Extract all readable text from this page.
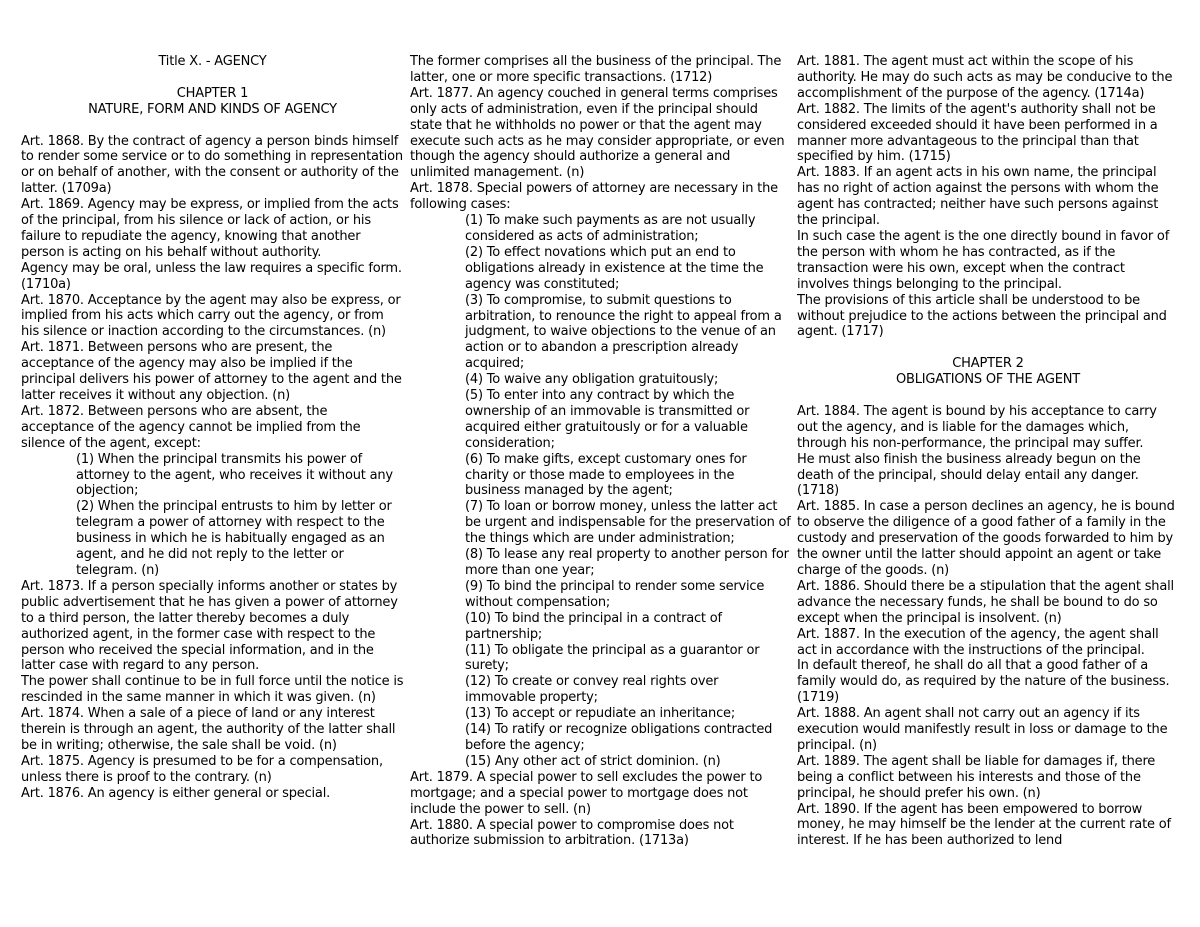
Title X. - AGENCY
CHAPTER 1
NATURE, FORM AND KINDS OF AGENCY
Art. 1868. By the contract of agency a person binds himself to render some service or to do something in representation or on behalf of another, with the consent or authority of the latter. (1709a)
Art. 1869. Agency may be express, or implied from the acts of the principal, from his silence or lack of action, or his failure to repudiate the agency, knowing that another person is acting on his behalf without authority.
Agency may be oral, unless the law requires a specific form. (1710a)
Art. 1870. Acceptance by the agent may also be express, or implied from his acts which carry out the agency, or from his silence or inaction according to the circumstances. (n)
Art. 1871. Between persons who are present, the acceptance of the agency may also be implied if the principal delivers his power of attorney to the agent and the latter receives it without any objection. (n)
Art. 1872. Between persons who are absent, the acceptance of the agency cannot be implied from the silence of the agent, except:
(1) When the principal transmits his power of attorney to the agent, who receives it without any objection;
(2) When the principal entrusts to him by letter or telegram a power of attorney with respect to the business in which he is habitually engaged as an agent, and he did not reply to the letter or telegram. (n)
Art. 1873. If a person specially informs another or states by public advertisement that he has given a power of attorney to a third person, the latter thereby becomes a duly authorized agent, in the former case with respect to the person who received the special information, and in the latter case with regard to any person.
The power shall continue to be in full force until the notice is rescinded in the same manner in which it was given. (n)
Art. 1874. When a sale of a piece of land or any interest therein is through an agent, the authority of the latter shall be in writing; otherwise, the sale shall be void. (n)
Art. 1875. Agency is presumed to be for a compensation, unless there is proof to the contrary. (n)
Art. 1876. An agency is either general or special.
The former comprises all the business of the principal. The latter, one or more specific transactions. (1712)
Art. 1877. An agency couched in general terms comprises only acts of administration, even if the principal should state that he withholds no power or that the agent may execute such acts as he may consider appropriate, or even though the agency should authorize a general and unlimited management. (n)
Art. 1878. Special powers of attorney are necessary in the following cases:
(1) To make such payments as are not usually considered as acts of administration;
(2) To effect novations which put an end to obligations already in existence at the time the agency was constituted;
(3) To compromise, to submit questions to arbitration, to renounce the right to appeal from a judgment, to waive objections to the venue of an action or to abandon a prescription already acquired;
(4) To waive any obligation gratuitously;
(5) To enter into any contract by which the ownership of an immovable is transmitted or acquired either gratuitously or for a valuable consideration;
(6) To make gifts, except customary ones for charity or those made to employees in the business managed by the agent;
(7) To loan or borrow money, unless the latter act be urgent and indispensable for the preservation of the things which are under administration;
(8) To lease any real property to another person for more than one year;
(9) To bind the principal to render some service without compensation;
(10) To bind the principal in a contract of partnership;
(11) To obligate the principal as a guarantor or surety;
(12) To create or convey real rights over immovable property;
(13) To accept or repudiate an inheritance;
(14) To ratify or recognize obligations contracted before the agency;
(15) Any other act of strict dominion. (n)
Art. 1879. A special power to sell excludes the power to mortgage; and a special power to mortgage does not include the power to sell. (n)
Art. 1880. A special power to compromise does not authorize submission to arbitration. (1713a)
Art. 1881. The agent must act within the scope of his authority. He may do such acts as may be conducive to the accomplishment of the purpose of the agency. (1714a)
Art. 1882. The limits of the agent's authority shall not be considered exceeded should it have been performed in a manner more advantageous to the principal than that specified by him. (1715)
Art. 1883. If an agent acts in his own name, the principal has no right of action against the persons with whom the agent has contracted; neither have such persons against the principal.
In such case the agent is the one directly bound in favor of the person with whom he has contracted, as if the transaction were his own, except when the contract involves things belonging to the principal.
The provisions of this article shall be understood to be without prejudice to the actions between the principal and agent. (1717)
CHAPTER 2
OBLIGATIONS OF THE AGENT
Art. 1884. The agent is bound by his acceptance to carry out the agency, and is liable for the damages which, through his non-performance, the principal may suffer.
He must also finish the business already begun on the death of the principal, should delay entail any danger. (1718)
Art. 1885. In case a person declines an agency, he is bound to observe the diligence of a good father of a family in the custody and preservation of the goods forwarded to him by the owner until the latter should appoint an agent or take charge of the goods. (n)
Art. 1886. Should there be a stipulation that the agent shall advance the necessary funds, he shall be bound to do so except when the principal is insolvent. (n)
Art. 1887. In the execution of the agency, the agent shall act in accordance with the instructions of the principal.
In default thereof, he shall do all that a good father of a family would do, as required by the nature of the business. (1719)
Art. 1888. An agent shall not carry out an agency if its execution would manifestly result in loss or damage to the principal. (n)
Art. 1889. The agent shall be liable for damages if, there being a conflict between his interests and those of the principal, he should prefer his own. (n)
Art. 1890. If the agent has been empowered to borrow money, he may himself be the lender at the current rate of interest. If he has been authorized to lend
